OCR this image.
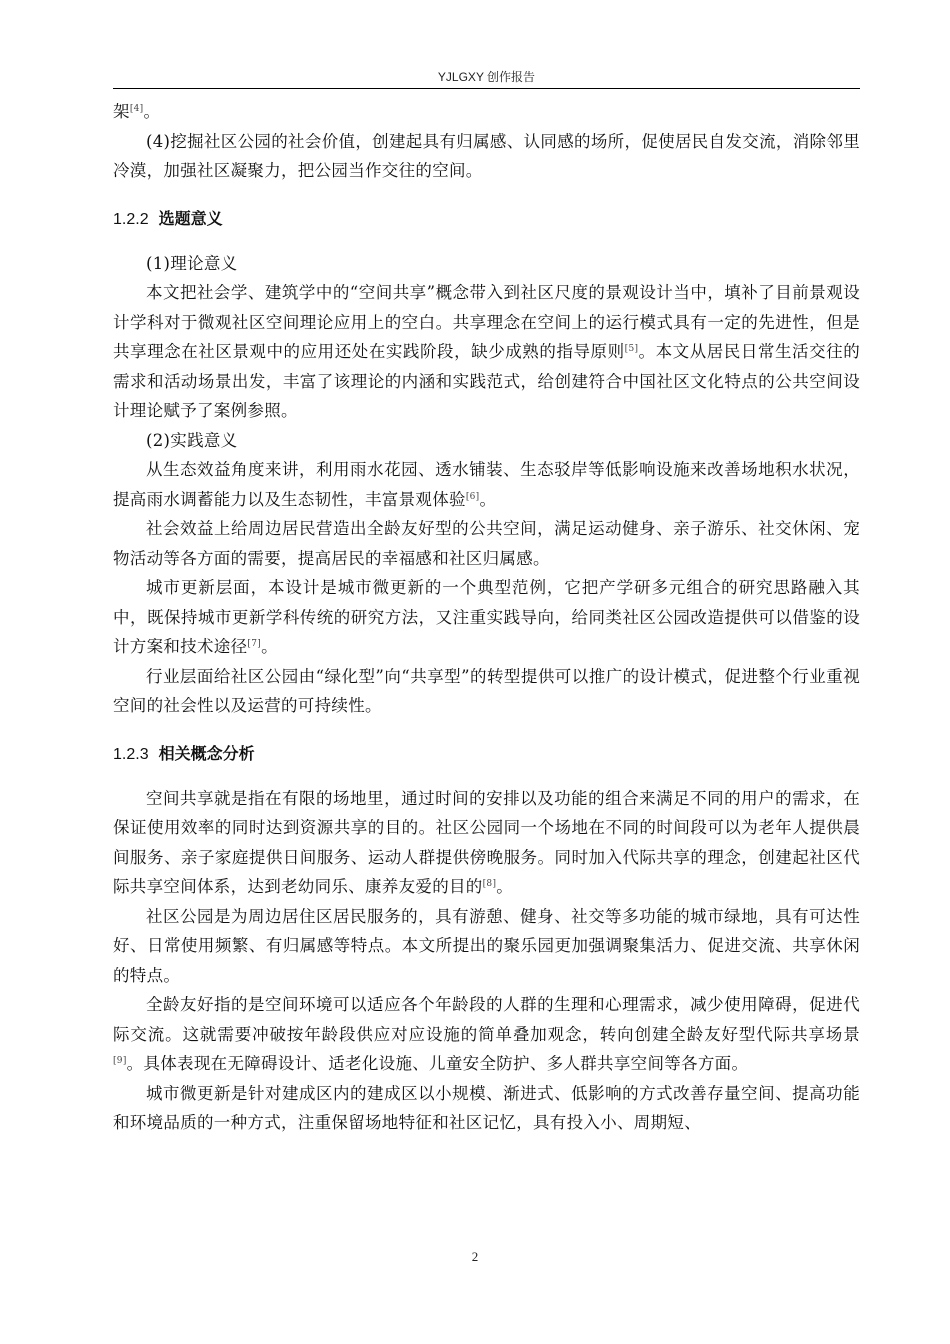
YJLGXY 创作报告

架[4]。

(4)挖掘社区公园的社会价值，创建起具有归属感、认同感的场所，促使居民自发交流，消除邻里冷漠，加强社区凝聚力，把公园当作交往的空间。

1.2.2 选题意义

(1)理论意义

本文把社会学、建筑学中的“空间共享”概念带入到社区尺度的景观设计当中，填补了目前景观设计学科对于微观社区空间理论应用上的空白。共享理念在空间上的运行模式具有一定的先进性，但是共享理念在社区景观中的应用还处在实践阶段，缺少成熟的指导原则[5]。本文从居民日常生活交往的需求和活动场景出发，丰富了该理论的内涵和实践范式，给创建符合中国社区文化特点的公共空间设计理论赋予了案例参照。

(2)实践意义

从生态效益角度来讲，利用雨水花园、透水铺装、生态驳岸等低影响设施来改善场地积水状况，提高雨水调蓄能力以及生态韧性，丰富景观体验[6]。

社会效益上给周边居民营造出全龄友好型的公共空间，满足运动健身、亲子游乐、社交休闲、宠物活动等各方面的需要，提高居民的幸福感和社区归属感。

城市更新层面，本设计是城市微更新的一个典型范例，它把产学研多元组合的研究思路融入其中，既保持城市更新学科传统的研究方法，又注重实践导向，给同类社区公园改造提供可以借鉴的设计方案和技术途径[7]。

行业层面给社区公园由“绿化型”向“共享型”的转型提供可以推广的设计模式，促进整个行业重视空间的社会性以及运营的可持续性。

1.2.3 相关概念分析

空间共享就是指在有限的场地里，通过时间的安排以及功能的组合来满足不同的用户的需求，在保证使用效率的同时达到资源共享的目的。社区公园同一个场地在不同的时间段可以为老年人提供晨间服务、亲子家庭提供日间服务、运动人群提供傍晚服务。同时加入代际共享的理念，创建起社区代际共享空间体系，达到老幼同乐、康养友爱的目的[8]。

社区公园是为周边居住区居民服务的，具有游憩、健身、社交等多功能的城市绿地，具有可达性好、日常使用频繁、有归属感等特点。本文所提出的聚乐园更加强调聚集活力、促进交流、共享休闲的特点。

全龄友好指的是空间环境可以适应各个年龄段的人群的生理和心理需求，减少使用障碍，促进代际交流。这就需要冲破按年龄段供应对应设施的简单叠加观念，转向创建全龄友好型代际共享场景[9]。具体表现在无障碍设计、适老化设施、儿童安全防护、多人群共享空间等各方面。

城市微更新是针对建成区内的建成区以小规模、渐进式、低影响的方式改善存量空间、提高功能和环境品质的一种方式，注重保留场地特征和社区记忆，具有投入小、周期短、

2
